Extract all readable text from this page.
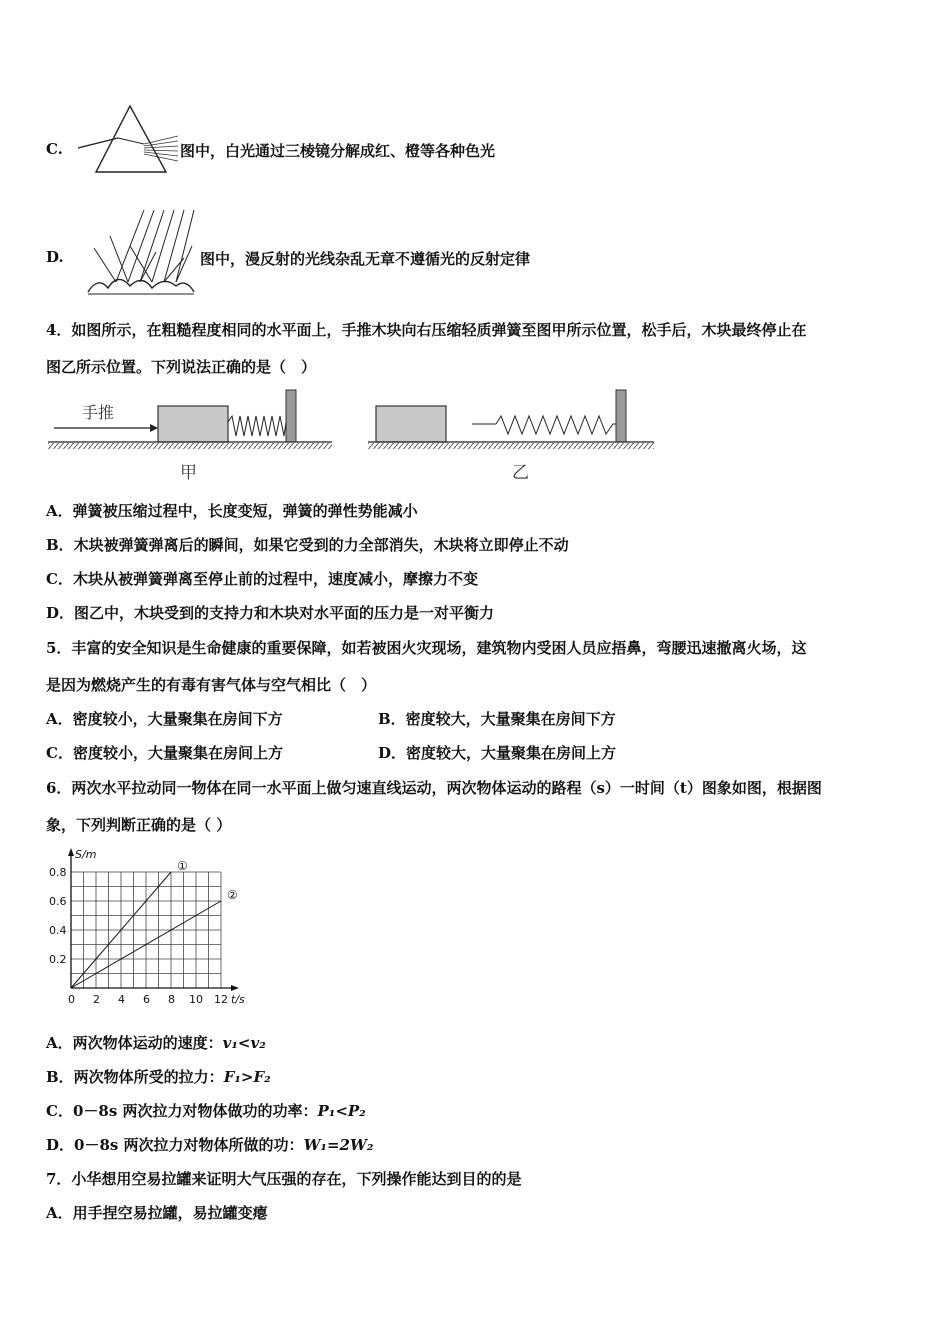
C.	图中，白光通过三棱镜分解成红、橙等各种色光
D.	图中，漫反射的光线杂乱无章不遵循光的反射定律
4．如图所示，在粗糙程度相同的水平面上，手推木块向右压缩轻质弹簧至图甲所示位置，松手后，木块最终停止在
图乙所示位置。下列说法正确的是（　）
手推
甲	乙
A．弹簧被压缩过程中，长度变短，弹簧的弹性势能减小
B．木块被弹簧弹离后的瞬间，如果它受到的力全部消失，木块将立即停止不动
C．木块从被弹簧弹离至停止前的过程中，速度减小，摩擦力不变
D．图乙中，木块受到的支持力和木块对水平面的压力是一对平衡力
5．丰富的安全知识是生命健康的重要保障，如若被困火灾现场，建筑物内受困人员应捂鼻，弯腰迅速撤离火场，这
是因为燃烧产生的有毒有害气体与空气相比（　）
A．密度较小，大量聚集在房间下方	B．密度较大，大量聚集在房间下方
C．密度较小，大量聚集在房间上方	D．密度较大，大量聚集在房间上方
6．两次水平拉动同一物体在同一水平面上做匀速直线运动，两次物体运动的路程（s）一时间（t）图象如图，根据图
象，下列判断正确的是（ ）
①
②
0 2 4 6 8 10 12
0.2
0.4
0.6
0.8
t/s
S/m
A．两次物体运动的速度：v₁<v₂
B．两次物体所受的拉力：F₁>F₂
C．0－8s 两次拉力对物体做功的功率：P₁<P₂
D．0－8s 两次拉力对物体所做的功：W₁=2W₂
7．小华想用空易拉罐来证明大气压强的存在，下列操作能达到目的的是
A．用手捏空易拉罐，易拉罐变瘪
